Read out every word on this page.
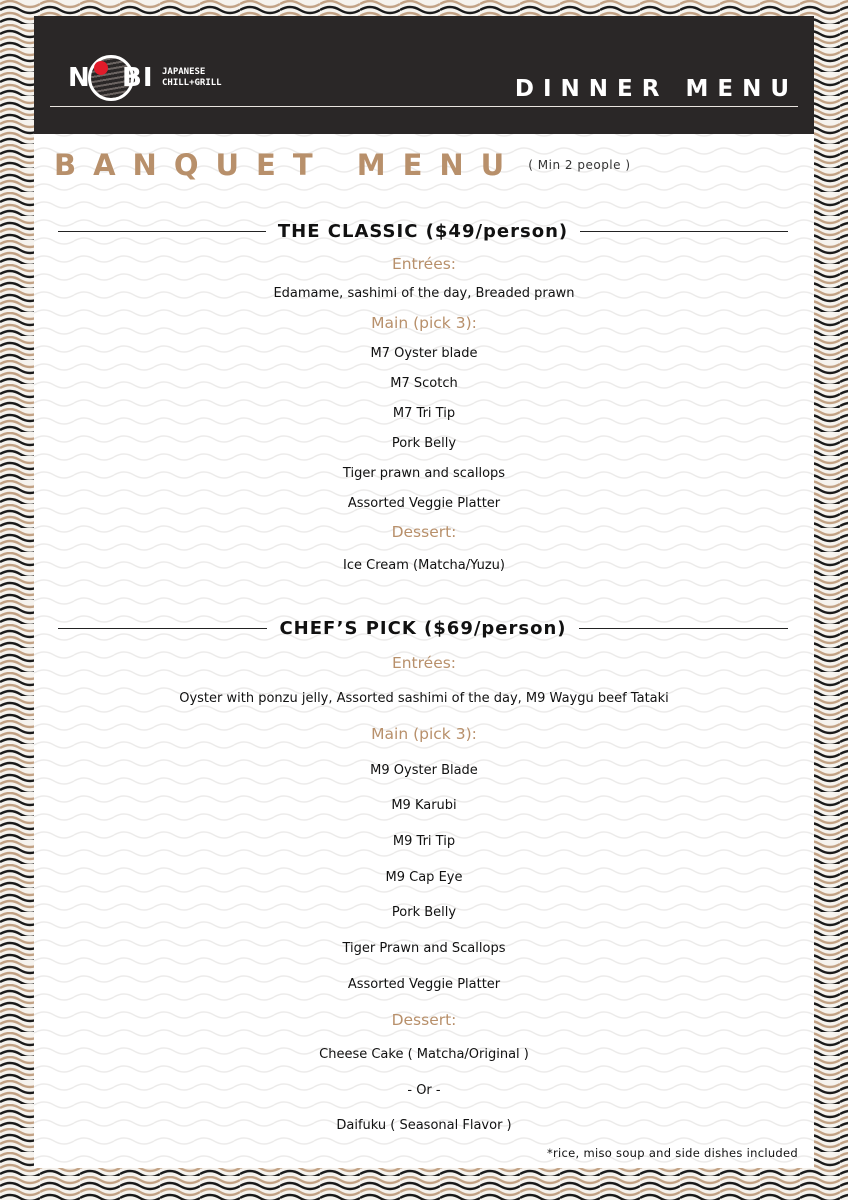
N BI JAPANESE
CHILL+GRILL	DINNER MENU
BANQUET MENU $^{( Min 2 people )}$
THE CLASSIC ($49/person)
Entrées:
Edamame, sashimi of the day, Breaded prawn
Main (pick 3):
M7 Oyster blade
M7 Scotch
M7 Tri Tip
Pork Belly
Tiger prawn and scallops
Assorted Veggie Platter
Dessert:
Ice Cream (Matcha/Yuzu)
CHEF’S PICK ($69/person)
Entrées:
Oyster with ponzu jelly, Assorted sashimi of the day, M9 Waygu beef Tataki
Main (pick 3):
M9 Oyster Blade
M9 Karubi
M9 Tri Tip
M9 Cap Eye
Pork Belly
Tiger Prawn and Scallops
Assorted Veggie Platter
Dessert:
Cheese Cake ( Matcha/Original )
- Or -
Daifuku ( Seasonal Flavor )
*rice, miso soup and side dishes included
